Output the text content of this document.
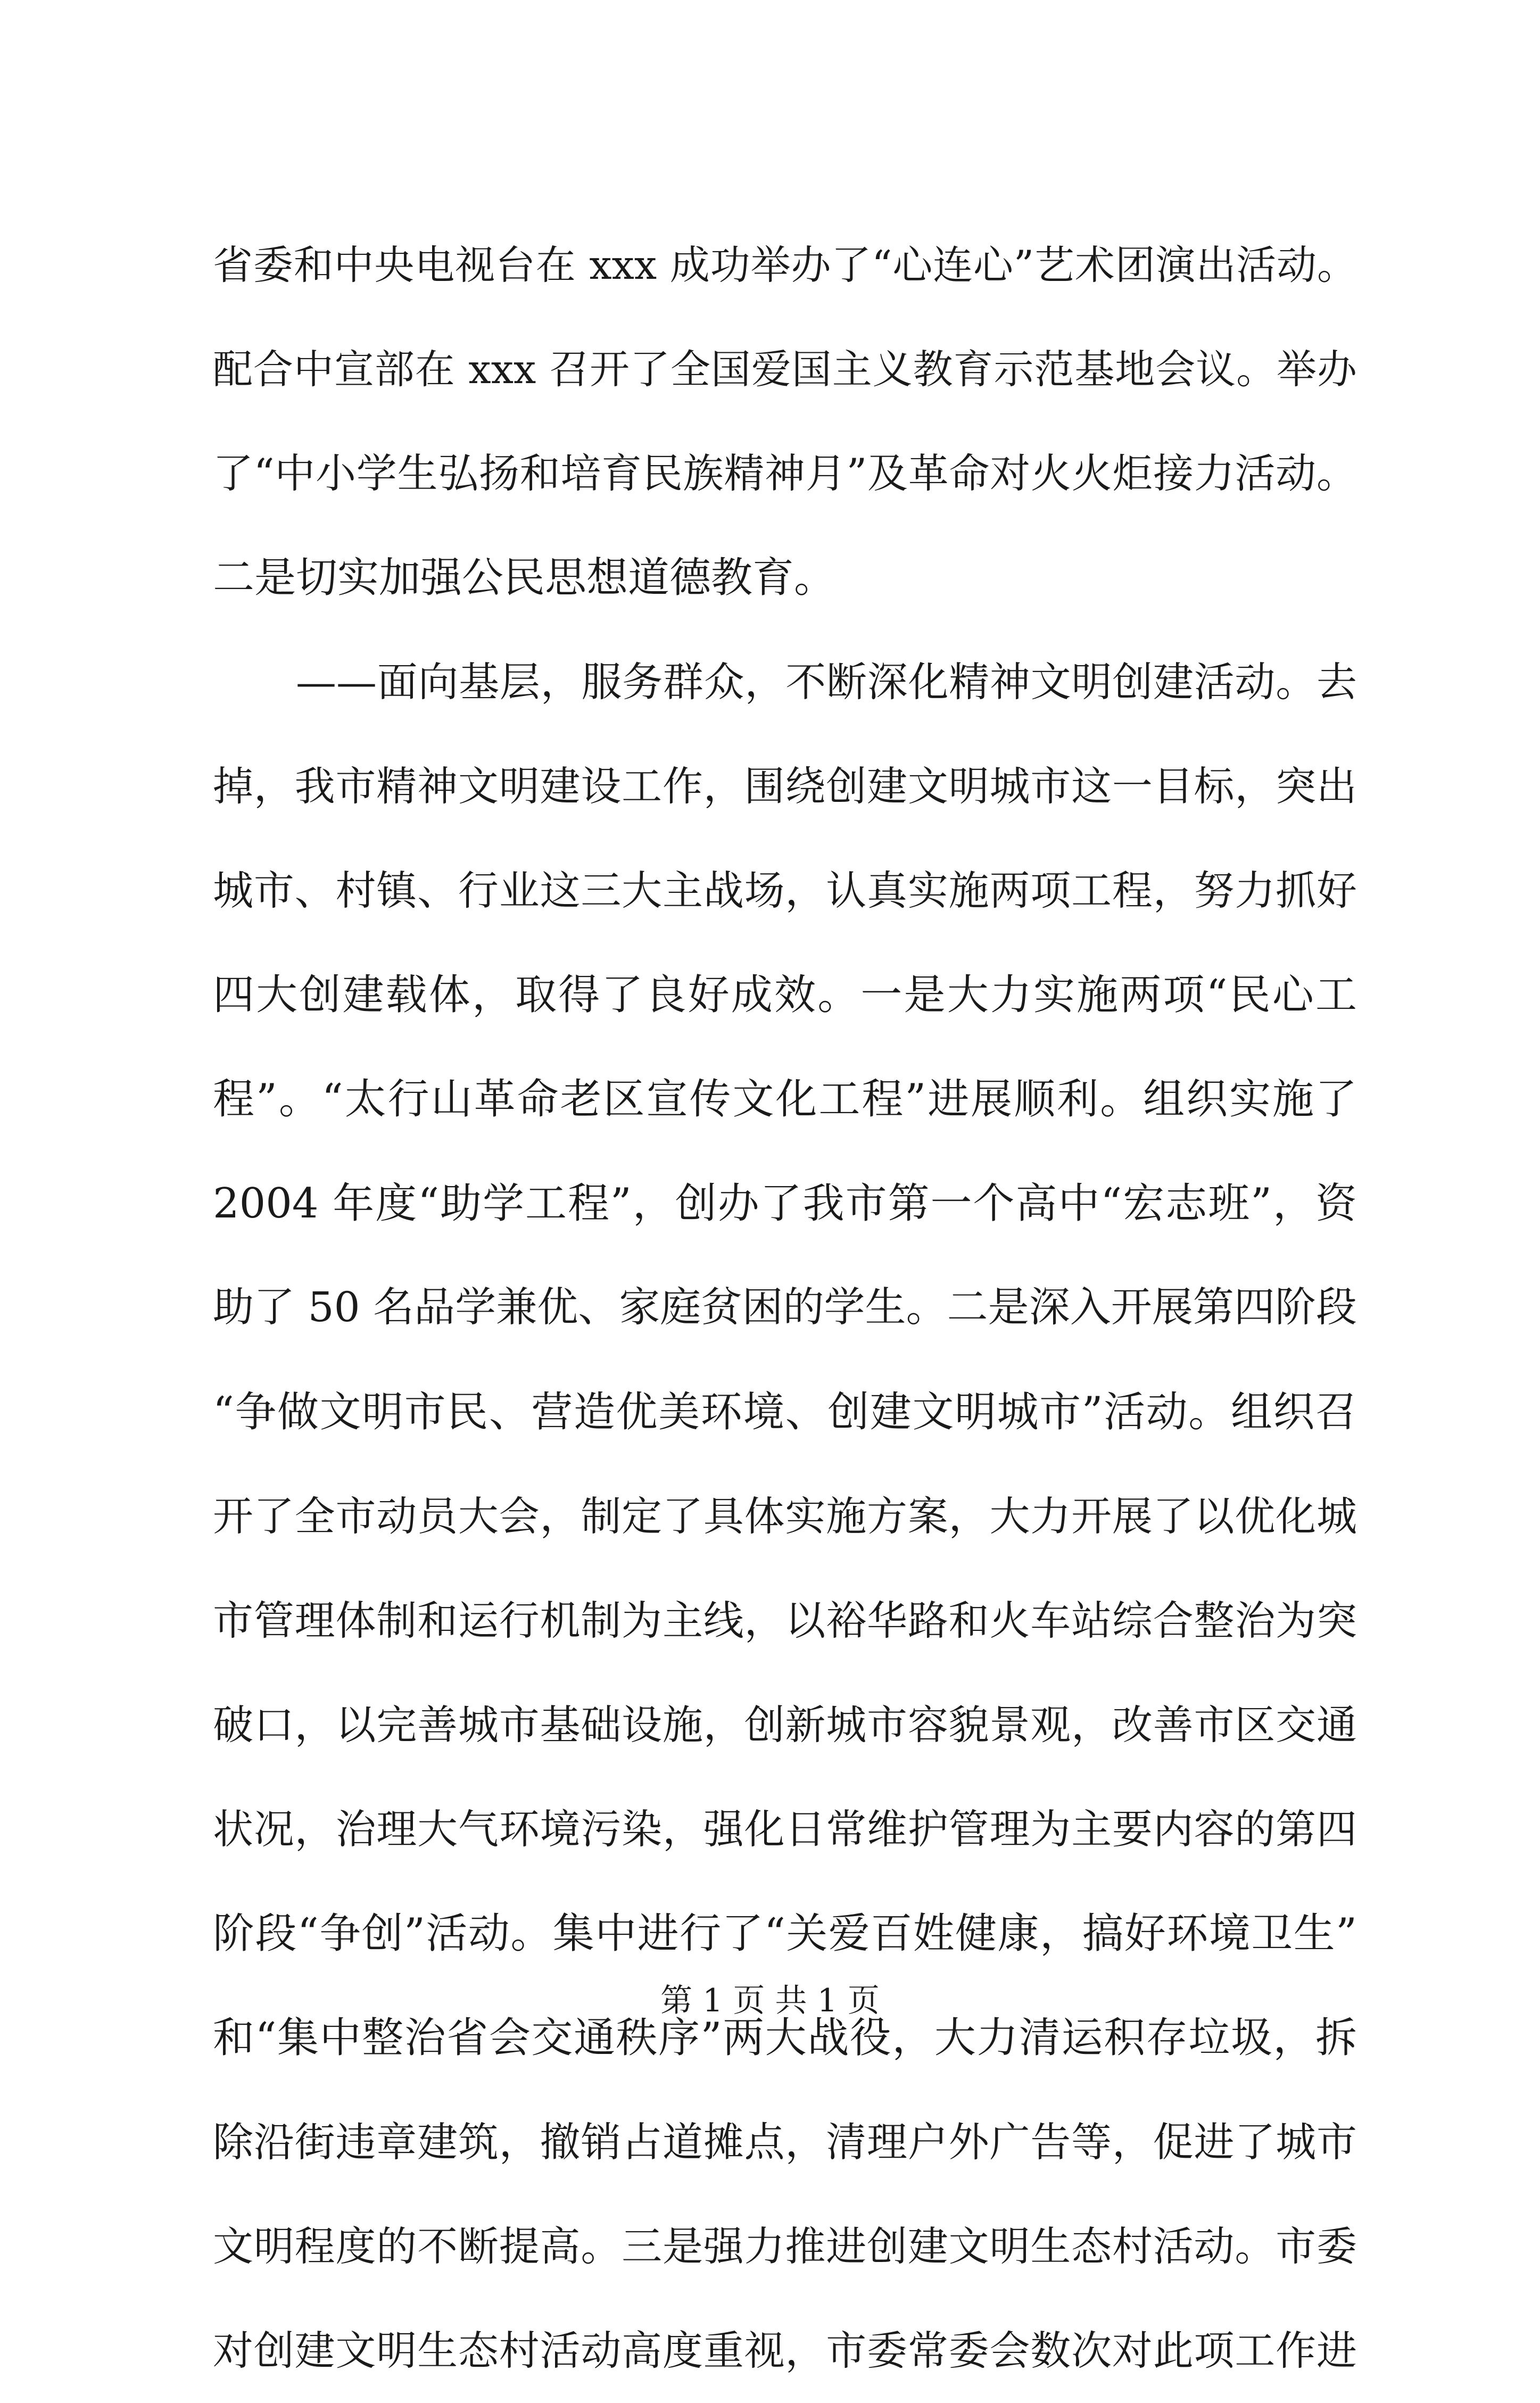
省委和中央电视台在 xxx 成功举办了“心连心”艺术团演出活动。
配合中宣部在 xxx 召开了全国爱国主义教育示范基地会议。举办
了“中小学生弘扬和培育民族精神月”及革命对火火炬接力活动。
二是切实加强公民思想道德教育。
——面向基层，服务群众，不断深化精神文明创建活动。去
掉，我市精神文明建设工作，围绕创建文明城市这一目标，突出
城市、村镇、行业这三大主战场，认真实施两项工程，努力抓好
四大创建载体，取得了良好成效。一是大力实施两项“民心工
程”。“太行山革命老区宣传文化工程”进展顺利。组织实施了
2004 年度“助学工程”，创办了我市第一个高中“宏志班”，资
助了 50 名品学兼优、家庭贫困的学生。二是深入开展第四阶段
“争做文明市民、营造优美环境、创建文明城市”活动。组织召
开了全市动员大会，制定了具体实施方案，大力开展了以优化城
市管理体制和运行机制为主线，以裕华路和火车站综合整治为突
破口，以完善城市基础设施，创新城市容貌景观，改善市区交通
状况，治理大气环境污染，强化日常维护管理为主要内容的第四
阶段“争创”活动。集中进行了“关爱百姓健康，搞好环境卫生”
和“集中整治省会交通秩序”两大战役，大力清运积存垃圾，拆
除沿街违章建筑，撤销占道摊点，清理户外广告等，促进了城市
文明程度的不断提高。三是强力推进创建文明生态村活动。市委
对创建文明生态村活动高度重视，市委常委会数次对此项工作进
第 1 页 共 1 页
